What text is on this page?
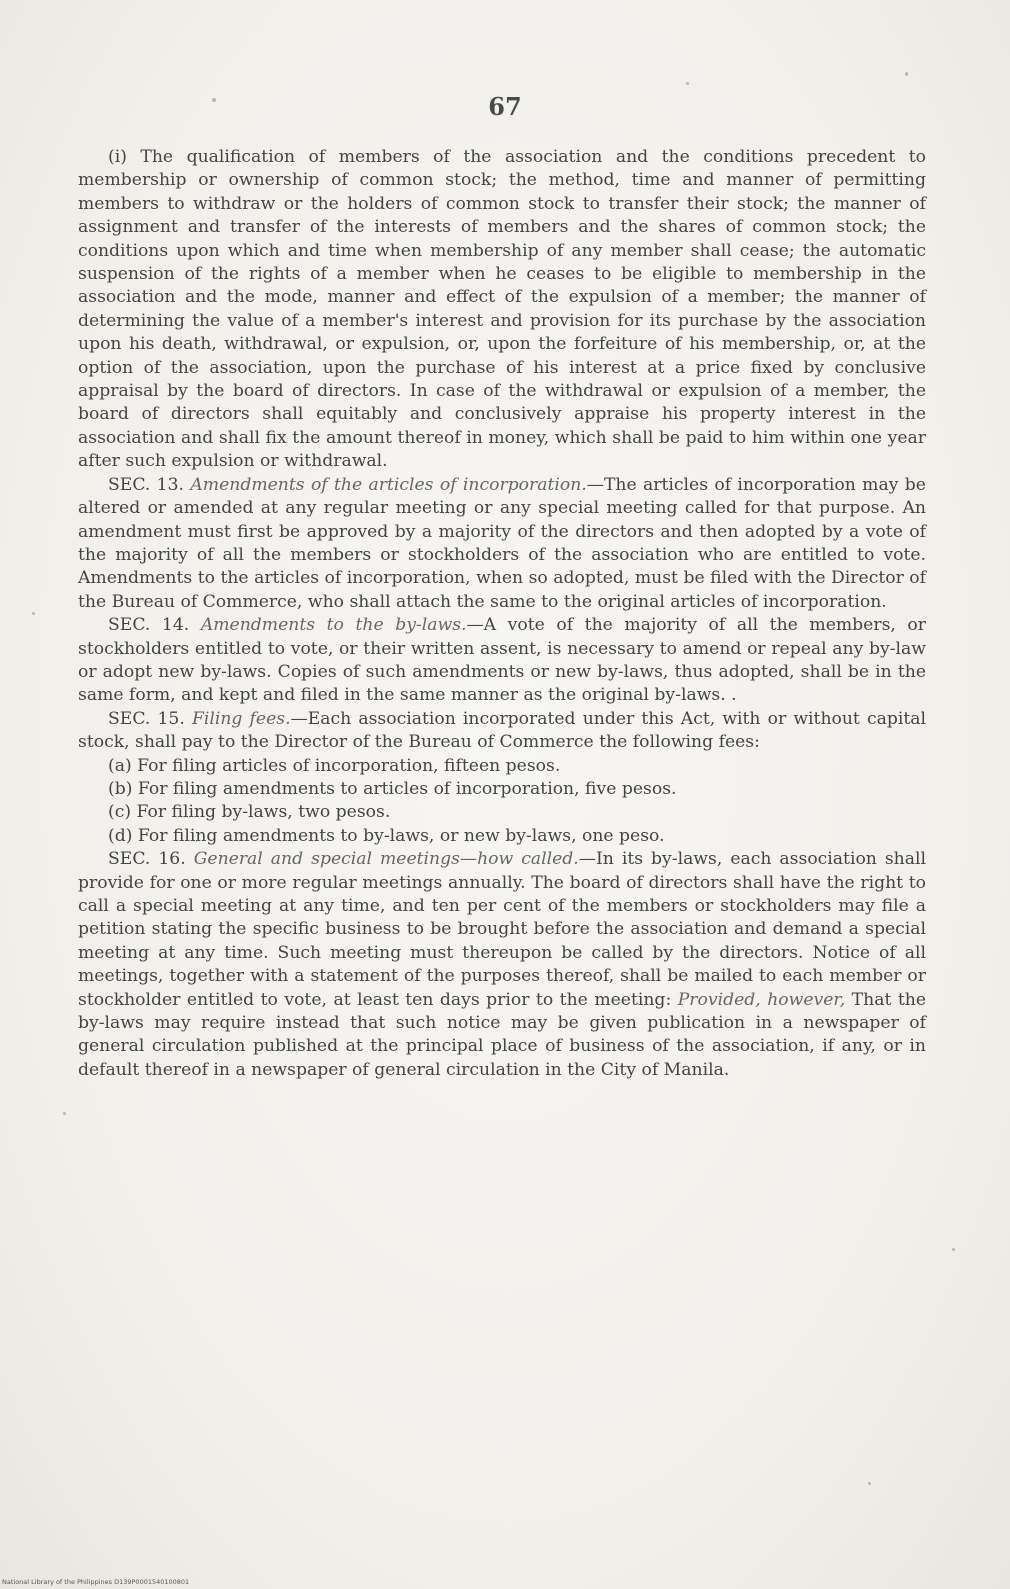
67

(i) The qualification of members of the association and the conditions precedent to membership or ownership of common stock; the method, time and manner of permitting members to withdraw or the holders of common stock to transfer their stock; the manner of assignment and transfer of the interests of members and the shares of common stock; the conditions upon which and time when membership of any member shall cease; the automatic suspension of the rights of a member when he ceases to be eligible to membership in the association and the mode, manner and effect of the expulsion of a member; the manner of determining the value of a member's interest and provision for its purchase by the association upon his death, withdrawal, or expulsion, or, upon the forfeiture of his membership, or, at the option of the association, upon the purchase of his interest at a price fixed by conclusive appraisal by the board of directors. In case of the withdrawal or expulsion of a member, the board of directors shall equitably and conclusively appraise his property interest in the association and shall fix the amount thereof in money, which shall be paid to him within one year after such expulsion or withdrawal.

SEC. 13. Amendments of the articles of incorporation.—The articles of incorporation may be altered or amended at any regular meeting or any special meeting called for that purpose. An amendment must first be approved by a majority of the directors and then adopted by a vote of the majority of all the members or stockholders of the association who are entitled to vote. Amendments to the articles of incorporation, when so adopted, must be filed with the Director of the Bureau of Commerce, who shall attach the same to the original articles of incorporation.

SEC. 14. Amendments to the by-laws.—A vote of the majority of all the members, or stockholders entitled to vote, or their written assent, is necessary to amend or repeal any by-law or adopt new by-laws. Copies of such amendments or new by-laws, thus adopted, shall be in the same form, and kept and filed in the same manner as the original by-laws. .

SEC. 15. Filing fees.—Each association incorporated under this Act, with or without capital stock, shall pay to the Director of the Bureau of Commerce the following fees:

(a) For filing articles of incorporation, fifteen pesos.

(b) For filing amendments to articles of incorporation, five pesos.

(c) For filing by-laws, two pesos.

(d) For filing amendments to by-laws, or new by-laws, one peso.

SEC. 16. General and special meetings—how called.—In its by-laws, each association shall provide for one or more regular meetings annually. The board of directors shall have the right to call a special meeting at any time, and ten per cent of the members or stockholders may file a petition stating the specific business to be brought before the association and demand a special meeting at any time. Such meeting must thereupon be called by the directors. Notice of all meetings, together with a statement of the purposes thereof, shall be mailed to each member or stockholder entitled to vote, at least ten days prior to the meeting: Provided, however, That the by-laws may require instead that such notice may be given publication in a newspaper of general circulation published at the principal place of business of the association, if any, or in default thereof in a newspaper of general circulation in the City of Manila.

National Library of the Philippines D139P0001540100801
